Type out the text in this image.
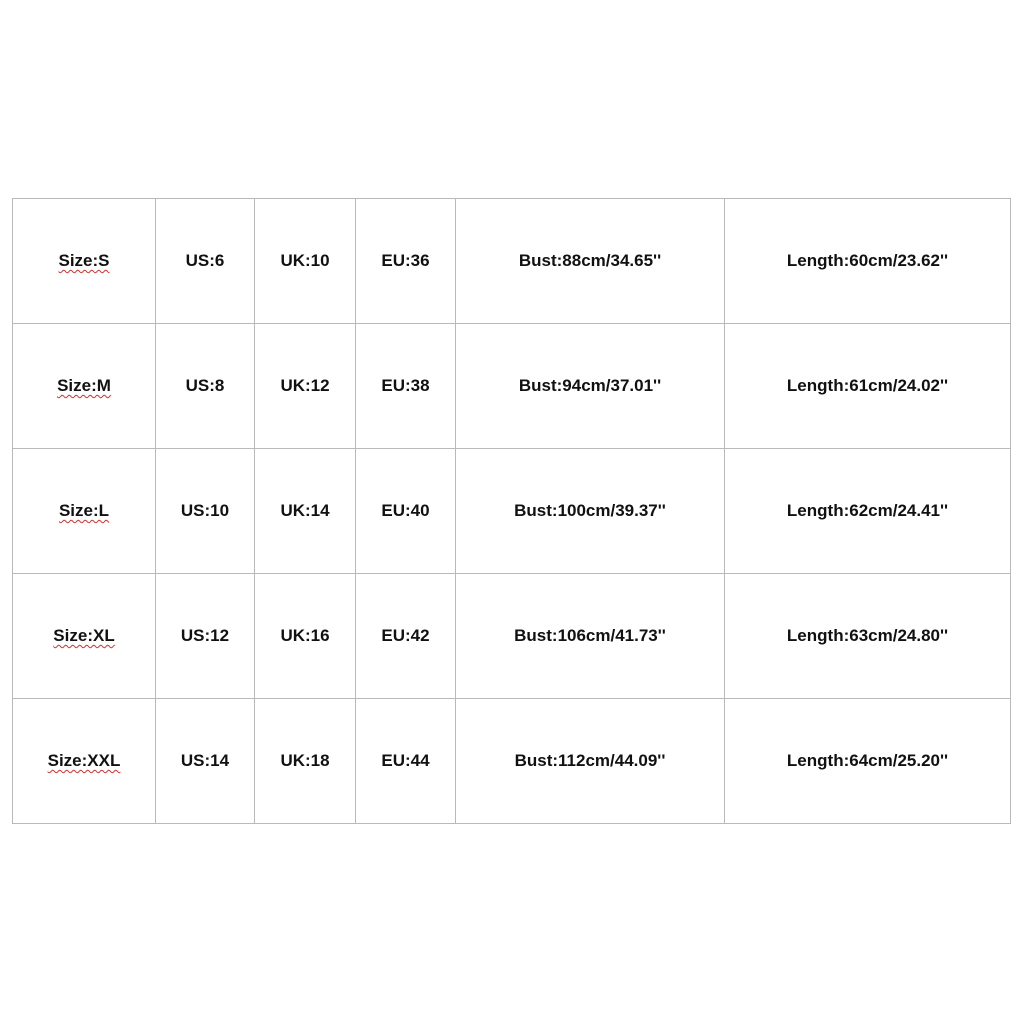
Size:S	US:6	UK:10	EU:36	Bust:88cm/34.65''	Length:60cm/23.62''
Size:M	US:8	UK:12	EU:38	Bust:94cm/37.01''	Length:61cm/24.02''
Size:L	US:10	UK:14	EU:40	Bust:100cm/39.37''	Length:62cm/24.41''
Size:XL	US:12	UK:16	EU:42	Bust:106cm/41.73''	Length:63cm/24.80''
Size:XXL	US:14	UK:18	EU:44	Bust:112cm/44.09''	Length:64cm/25.20''
